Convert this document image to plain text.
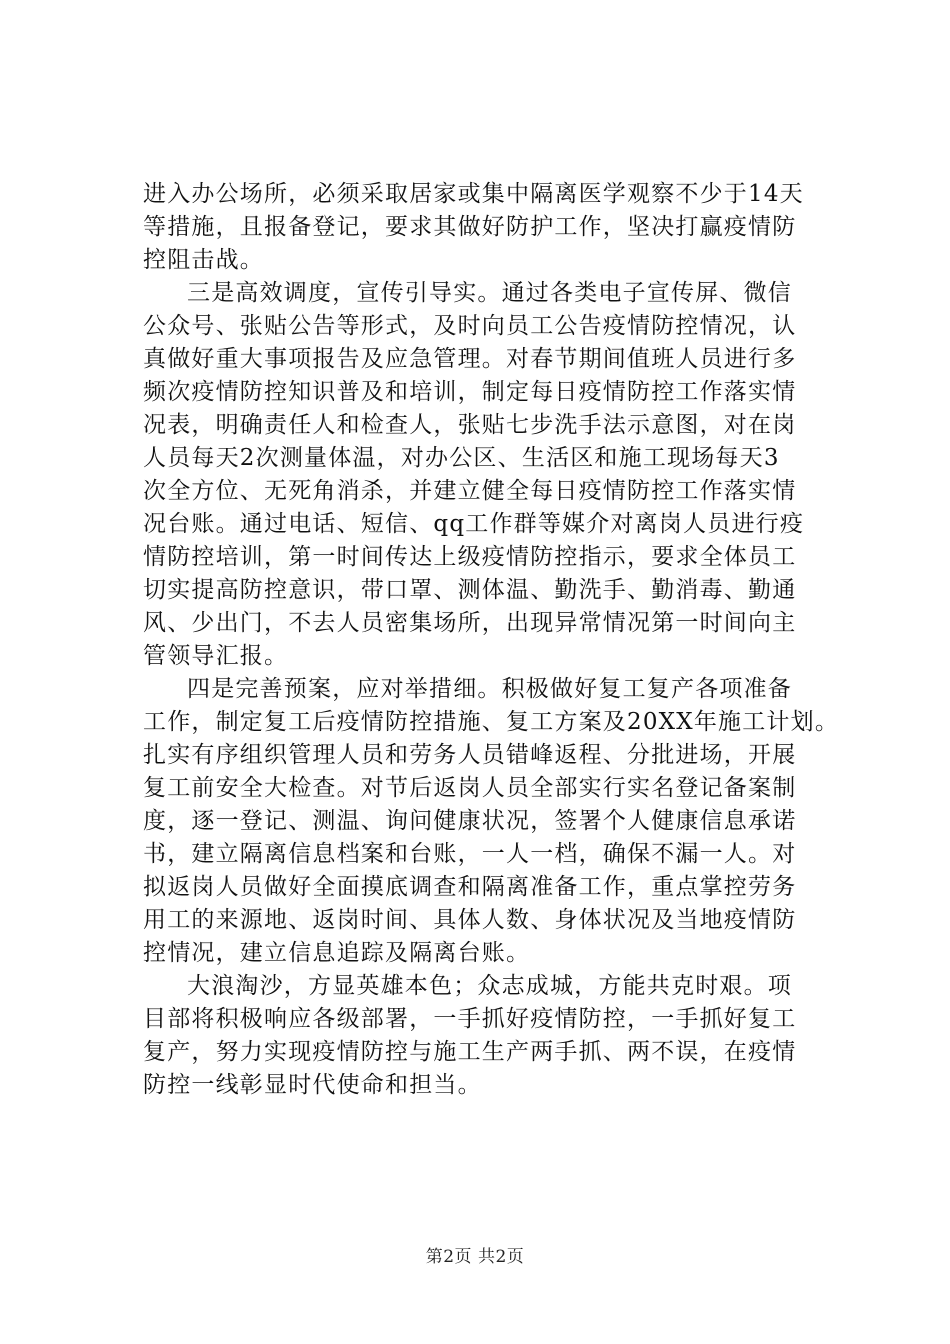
进入办公场所，必须采取居家或集中隔离医学观察不少于14天
等措施，且报备登记，要求其做好防护工作，坚决打赢疫情防
控阻击战。
三是高效调度，宣传引导实。通过各类电子宣传屏、微信
公众号、张贴公告等形式，及时向员工公告疫情防控情况，认
真做好重大事项报告及应急管理。对春节期间值班人员进行多
频次疫情防控知识普及和培训，制定每日疫情防控工作落实情
况表，明确责任人和检查人，张贴七步洗手法示意图，对在岗
人员每天2次测量体温，对办公区、生活区和施工现场每天3
次全方位、无死角消杀，并建立健全每日疫情防控工作落实情
况台账。通过电话、短信、qq工作群等媒介对离岗人员进行疫
情防控培训，第一时间传达上级疫情防控指示，要求全体员工
切实提高防控意识，带口罩、测体温、勤洗手、勤消毒、勤通
风、少出门，不去人员密集场所，出现异常情况第一时间向主
管领导汇报。
四是完善预案，应对举措细。积极做好复工复产各项准备
工作，制定复工后疫情防控措施、复工方案及20XX年施工计划。
扎实有序组织管理人员和劳务人员错峰返程、分批进场，开展
复工前安全大检查。对节后返岗人员全部实行实名登记备案制
度，逐一登记、测温、询问健康状况，签署个人健康信息承诺
书，建立隔离信息档案和台账，一人一档，确保不漏一人。对
拟返岗人员做好全面摸底调查和隔离准备工作，重点掌控劳务
用工的来源地、返岗时间、具体人数、身体状况及当地疫情防
控情况，建立信息追踪及隔离台账。
大浪淘沙，方显英雄本色；众志成城，方能共克时艰。项
目部将积极响应各级部署，一手抓好疫情防控，一手抓好复工
复产，努力实现疫情防控与施工生产两手抓、两不误，在疫情
防控一线彰显时代使命和担当。
第2页 共2页
